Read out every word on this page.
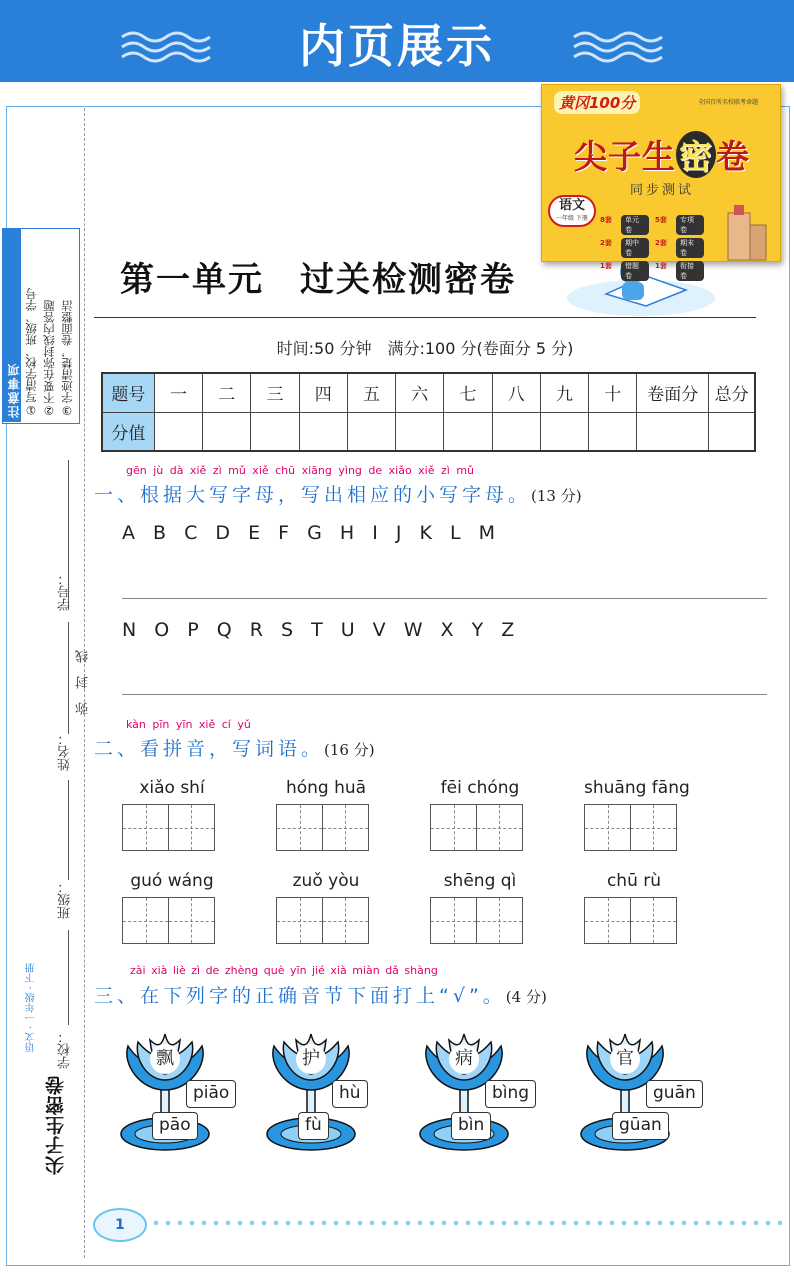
内页展示
注意事项 ①写清学校、班级、学号 ②不要在弥封线内答题 ③字迹清楚，卷面整洁
学号：
弥　封　线
姓名：
班级：
学校：
语文 · 一年级 · 下册
尖子生密卷
第一单元　过关检测密卷
时间:50 分钟　满分:100 分(卷面分 5 分)
黄冈100分	全国百所名校联考命题
尖子生密卷
同步测试
语文
一年级 下册	8套	单元卷
5套	专项卷
2套	期中卷
2套	期末卷
1套	错题卷
1套	衔接卷
题号	一	二	三	四	五	六	七	八	九	十	卷面分	总分
分值												
gēn jù dà xiě zì mǔ xiě chū xiāng yìng de xiǎo xiě zì mǔ
一、根据大写字母，写出相应的小写字母。(13 分)
A B C D E F G H I J K L M
N O P Q R S T U V W X Y Z
kàn pīn yīn xiě cí yǔ
二、看拼音，写词语。(16 分)
xiǎo shí	hóng huā	fēi chóng	shuāng fāng
guó wáng	zuǒ yòu	shēng qì	chū rù
zài xià liè zì de zhèng què yīn jié xià miàn dǎ shàng
三、在下列字的正确音节下面打上“√”。(4 分)
飘
piāo
pāo
护
hù
fù
病
bìng
bìn
官
guān
gūan
1
